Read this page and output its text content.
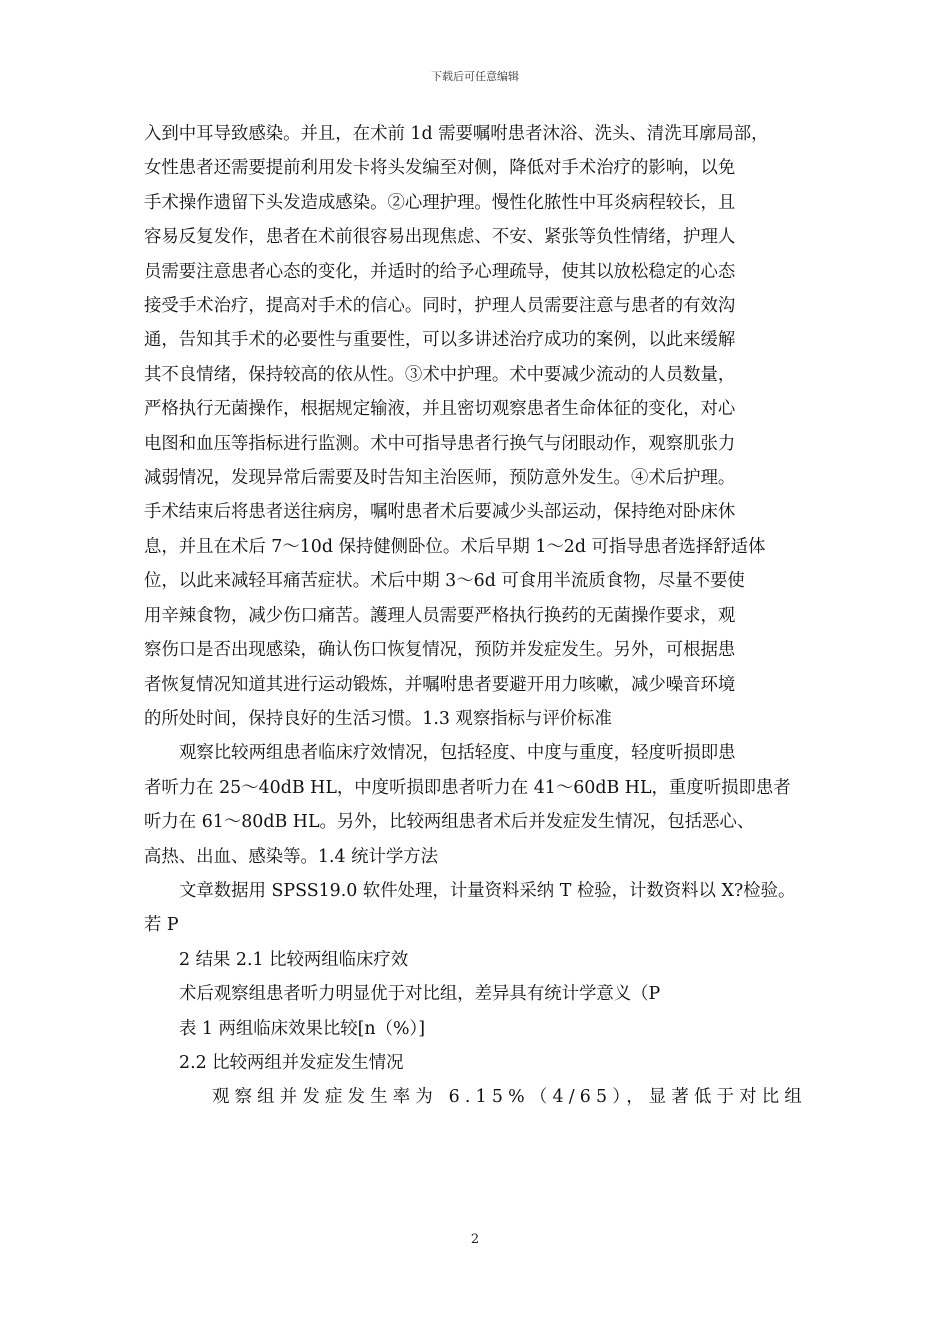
下载后可任意编辑

入到中耳导致感染。并且，在术前 1d 需要嘱咐患者沐浴、洗头、清洗耳廓局部，

女性患者还需要提前利用发卡将头发编至对侧，降低对手术治疗的影响，以免

手术操作遗留下头发造成感染。②心理护理。慢性化脓性中耳炎病程较长，且

容易反复发作，患者在术前很容易出现焦虑、不安、紧张等负性情绪，护理人

员需要注意患者心态的变化，并适时的给予心理疏导，使其以放松稳定的心态

接受手术治疗，提高对手术的信心。同时，护理人员需要注意与患者的有效沟

通，告知其手术的必要性与重要性，可以多讲述治疗成功的案例，以此来缓解

其不良情绪，保持较高的依从性。③术中护理。术中要减少流动的人员数量，

严格执行无菌操作，根据规定输液，并且密切观察患者生命体征的变化，对心

电图和血压等指标进行监测。术中可指导患者行换气与闭眼动作，观察肌张力

减弱情况，发现异常后需要及时告知主治医师，预防意外发生。④术后护理。

手术结束后将患者送往病房，嘱咐患者术后要减少头部运动，保持绝对卧床休

息，并且在术后 7～10d 保持健侧卧位。术后早期 1～2d 可指导患者选择舒适体

位，以此来减轻耳痛苦症状。术后中期 3～6d 可食用半流质食物，尽量不要使

用辛辣食物，减少伤口痛苦。護理人员需要严格执行换药的无菌操作要求，观

察伤口是否出现感染，确认伤口恢复情况，预防并发症发生。另外，可根据患

者恢复情况知道其进行运动锻炼，并嘱咐患者要避开用力咳嗽，减少噪音环境

的所处时间，保持良好的生活习惯。1.3 观察指标与评价标准

观察比较两组患者临床疗效情况，包括轻度、中度与重度，轻度听损即患

者听力在 25～40dB HL，中度听损即患者听力在 41～60dB HL，重度听损即患者

听力在 61～80dB HL。另外，比较两组患者术后并发症发生情况，包括恶心、

高热、出血、感染等。1.4 统计学方法

文章数据用 SPSS19.0 软件处理，计量资料采纳 T 检验，计数资料以 X?检验。

若 P

2 结果 2.1 比较两组临床疗效

术后观察组患者听力明显优于对比组，差异具有统计学意义（P

表 1 两组临床效果比较[n（%）]

2.2 比较两组并发症发生情况

观察组并发症发生率为 6.15%（4/65），显著低于对比组

2
